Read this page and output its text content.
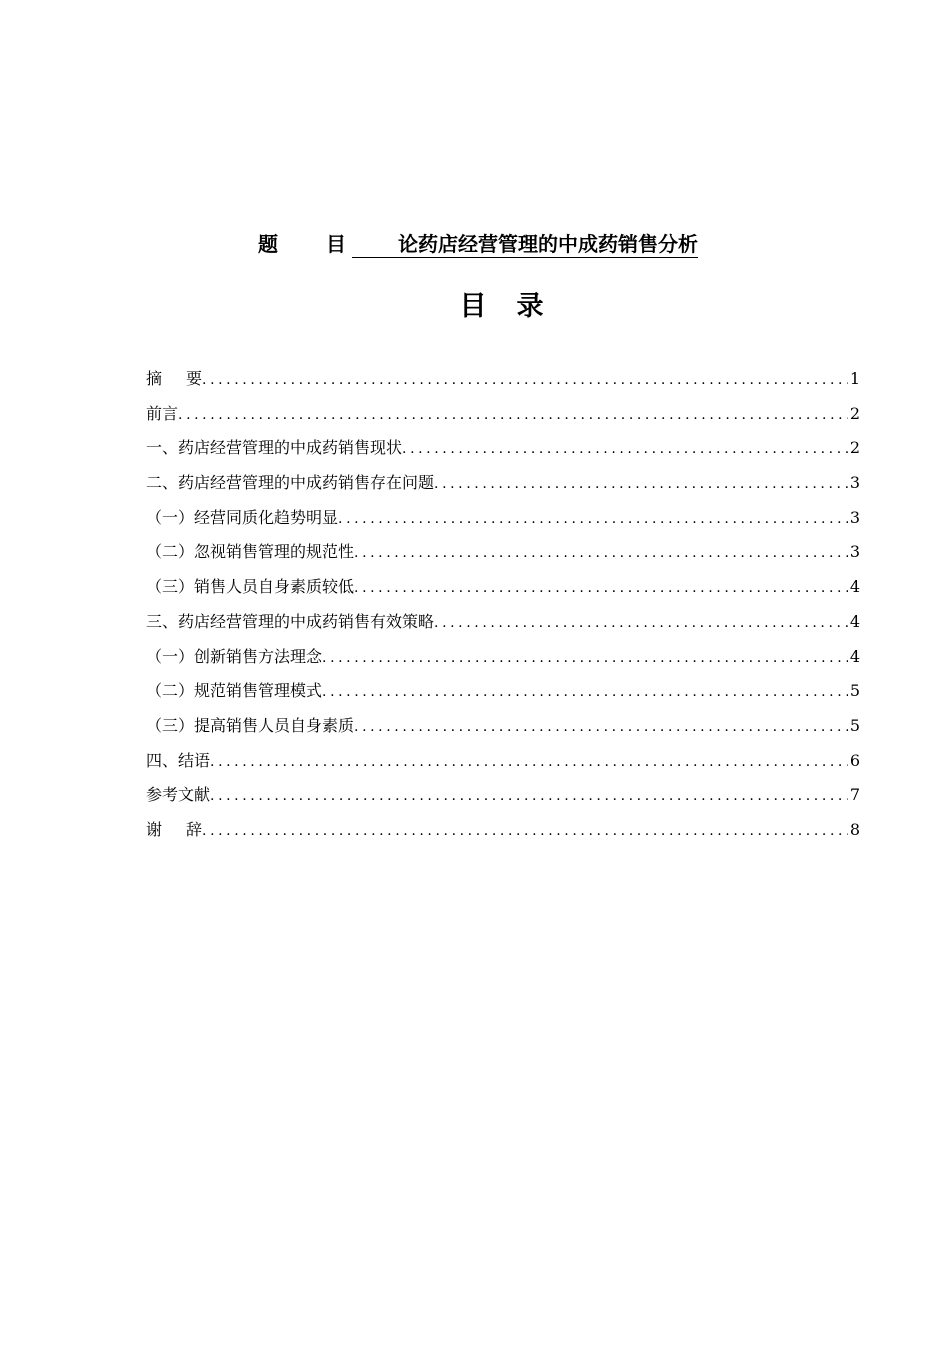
题 目	论药店经营管理的中成药销售分析
目 录
摘 要 .....	1
前言 .....	2
一、药店经营管理的中成药销售现状 .....	2
二、药店经营管理的中成药销售存在问题 .....	3
（一）经营同质化趋势明显 .....	3
（二）忽视销售管理的规范性 .....	3
（三）销售人员自身素质较低 .....	4
三、药店经营管理的中成药销售有效策略 .....	4
（一）创新销售方法理念 .....	4
（二）规范销售管理模式 .....	5
（三）提高销售人员自身素质 .....	5
四、结语 .....	6
参考文献 .....	7
谢 辞 .....	8
